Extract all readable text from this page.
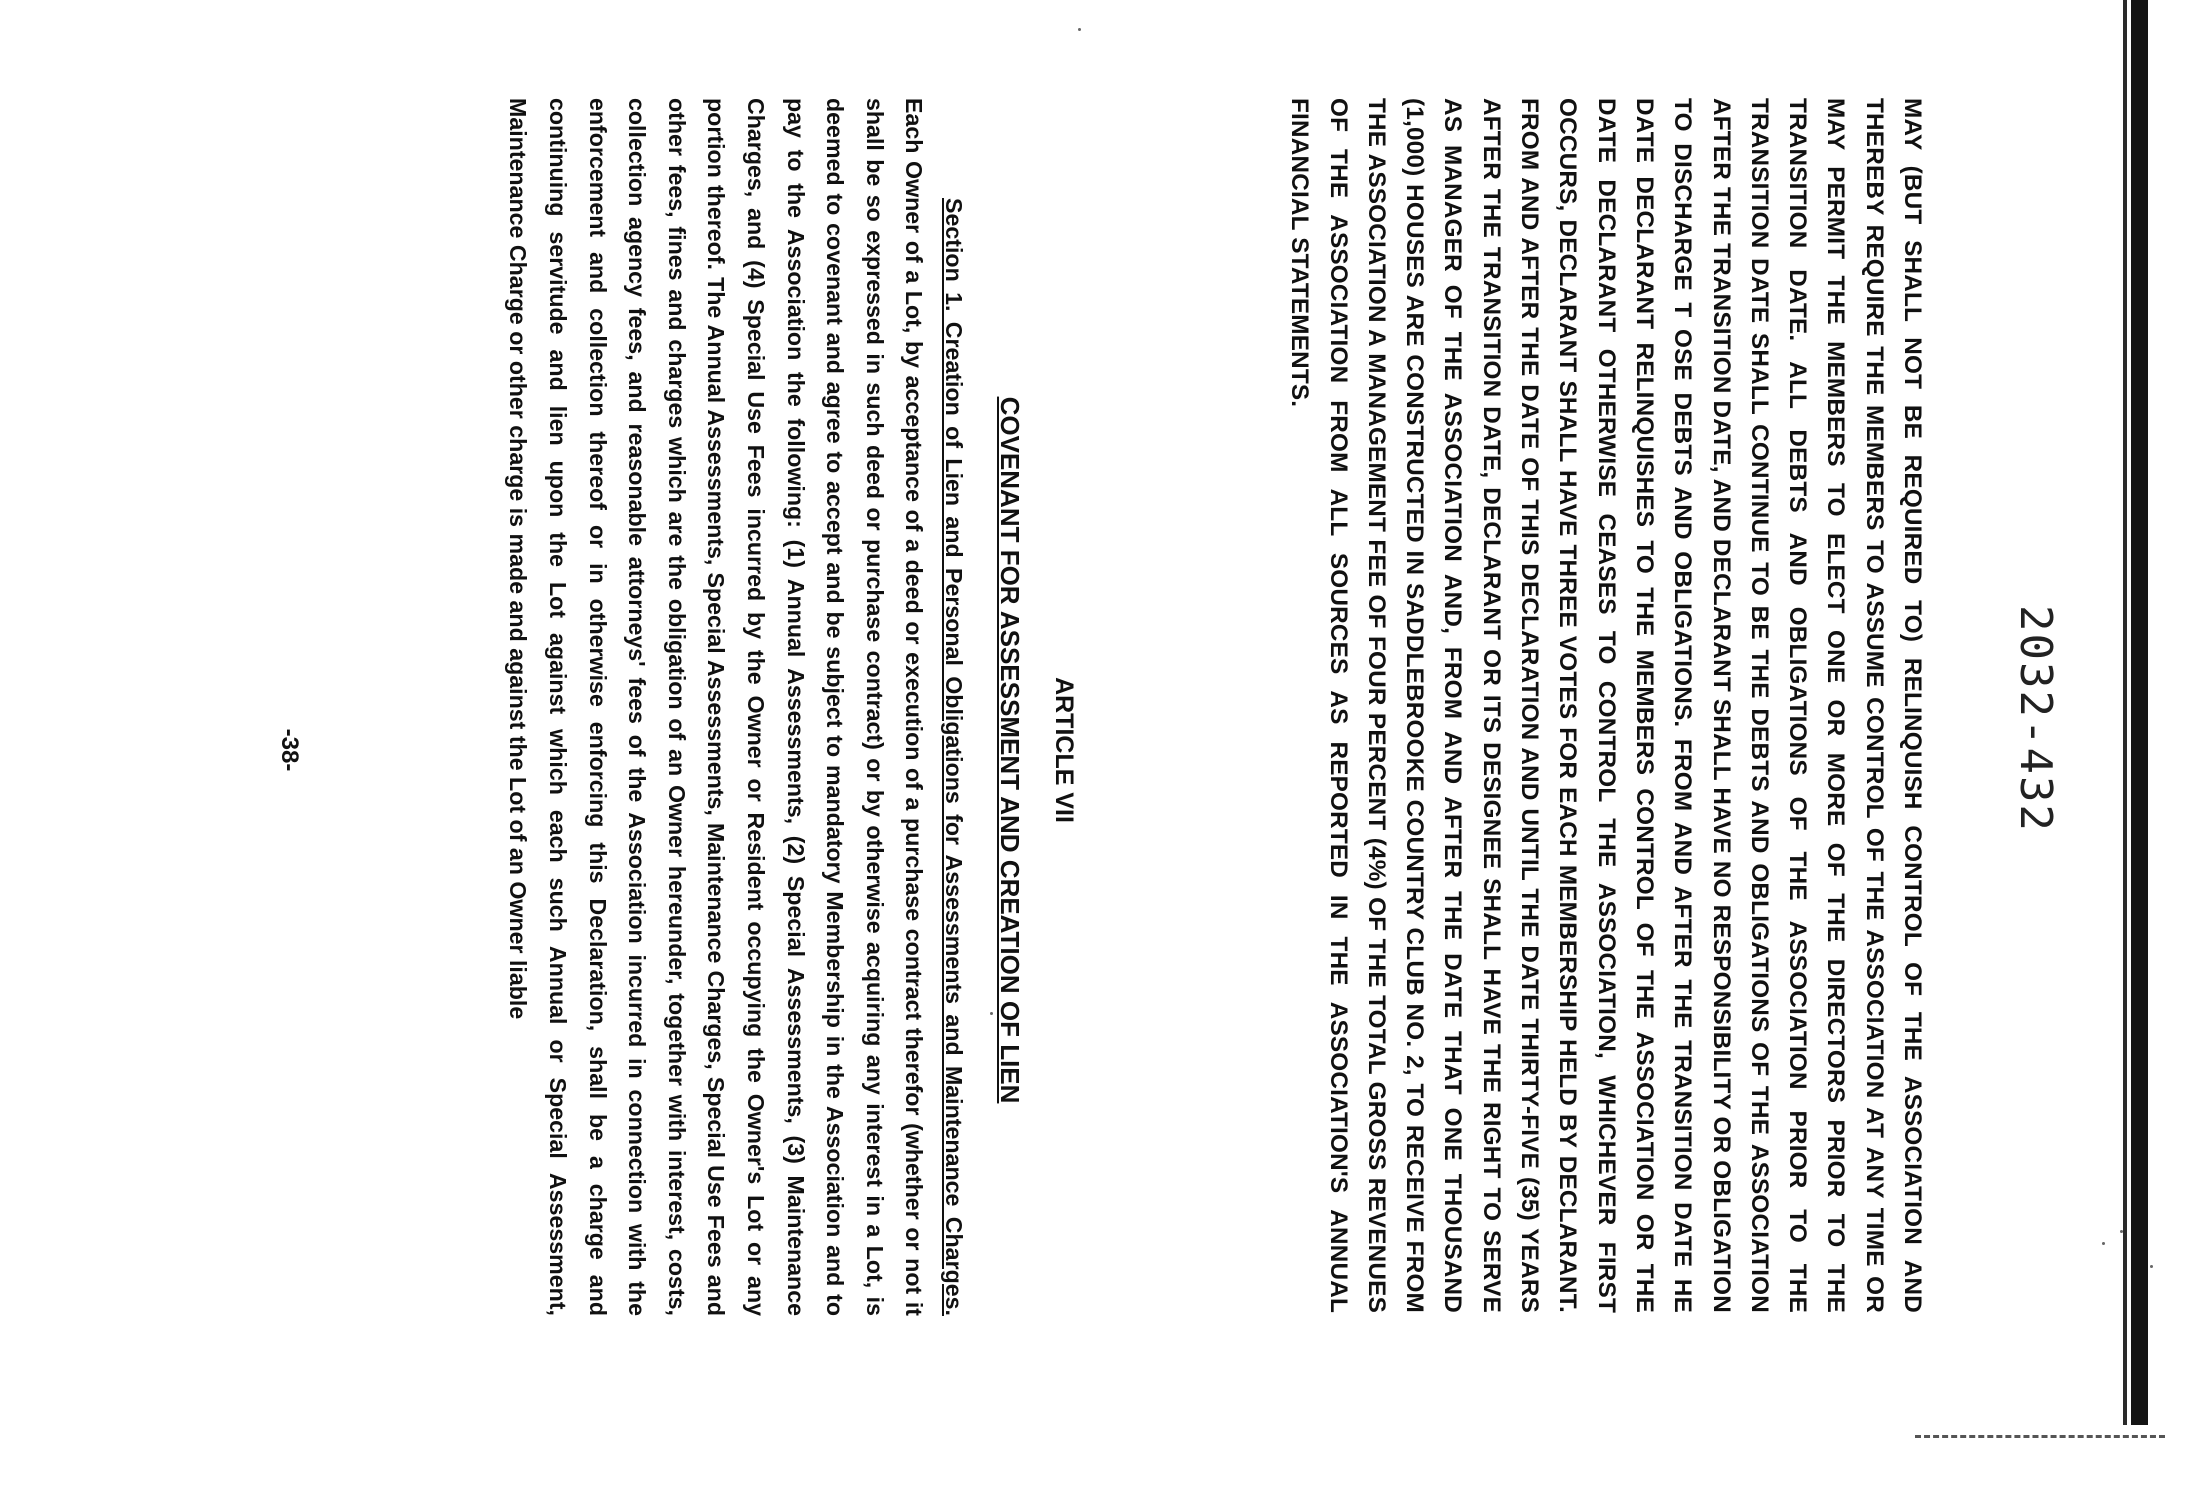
2032-432

MAY (BUT SHALL NOT BE REQUIRED TO) RELINQUISH CONTROL OF THE ASSOCIATION AND THEREBY REQUIRE THE MEMBERS TO ASSUME CONTROL OF THE ASSOCIATION AT ANY TIME OR MAY PERMIT THE MEMBERS TO ELECT ONE OR MORE OF THE DIRECTORS PRIOR TO THE TRANSITION DATE. ALL DEBTS AND OBLIGATIONS OF THE ASSOCIATION PRIOR TO THE TRANSITION DATE SHALL CONTINUE TO BE THE DEBTS AND OBLIGATIONS OF THE ASSOCIATION AFTER THE TRANSITION DATE, AND DECLARANT SHALL HAVE NO RESPONSIBILITY OR OBLIGATION TO DISCHARGE T OSE DEBTS AND OBLIGATIONS. FROM AND AFTER THE TRANSITION DATE HE DATE DECLARANT RELINQUISHES TO THE MEMBERS CONTROL OF THE ASSOCIATION OR THE DATE DECLARANT OTHERWISE CEASES TO CONTROL THE ASSOCIATION, WHICHEVER FIRST OCCURS, DECLARANT SHALL HAVE THREE VOTES FOR EACH MEMBERSHIP HELD BY DECLARANT. FROM AND AFTER THE DATE OF THIS DECLARATION AND UNTIL THE DATE THIRTY-FIVE (35) YEARS AFTER THE TRANSITION DATE, DECLARANT OR ITS DESIGNEE SHALL HAVE THE RIGHT TO SERVE AS MANAGER OF THE ASSOCIATION AND, FROM AND AFTER THE DATE THAT ONE THOUSAND (1,000) HOUSES ARE CONSTRUCTED IN SADDLEBROOKE COUNTRY CLUB NO. 2, TO RECEIVE FROM THE ASSOCIATION A MANAGEMENT FEE OF FOUR PERCENT (4%) OF THE TOTAL GROSS REVENUES OF THE ASSOCIATION FROM ALL SOURCES AS REPORTED IN THE ASSOCIATION'S ANNUAL FINANCIAL STATEMENTS.

ARTICLE VII
COVENANT FOR ASSESSMENT AND CREATION OF LIEN

Section 1. Creation of Lien and Personal Obligations for Assessments and Maintenance Charges. Each Owner of a Lot, by acceptance of a deed or execution of a purchase contract therefor (whether or not it shall be so expressed in such deed or purchase contract) or by otherwise acquiring any interest in a Lot, is deemed to covenant and agree to accept and be subject to mandatory Membership in the Association and to pay to the Association the following: (1) Annual Assessments, (2) Special Assessments, (3) Maintenance Charges, and (4) Special Use Fees incurred by the Owner or Resident occupying the Owner's Lot or any portion thereof. The Annual Assessments, Special Assessments, Maintenance Charges, Special Use Fees and other fees, fines and charges which are the obligation of an Owner hereunder, together with interest, costs, collection agency fees, and reasonable attorneys' fees of the Association incurred in connection with the enforcement and collection thereof or in otherwise enforcing this Declaration, shall be a charge and continuing servitude and lien upon the Lot against which each such Annual or Special Assessment, Maintenance Charge or other charge is made and against the Lot of an Owner liable

-38-
